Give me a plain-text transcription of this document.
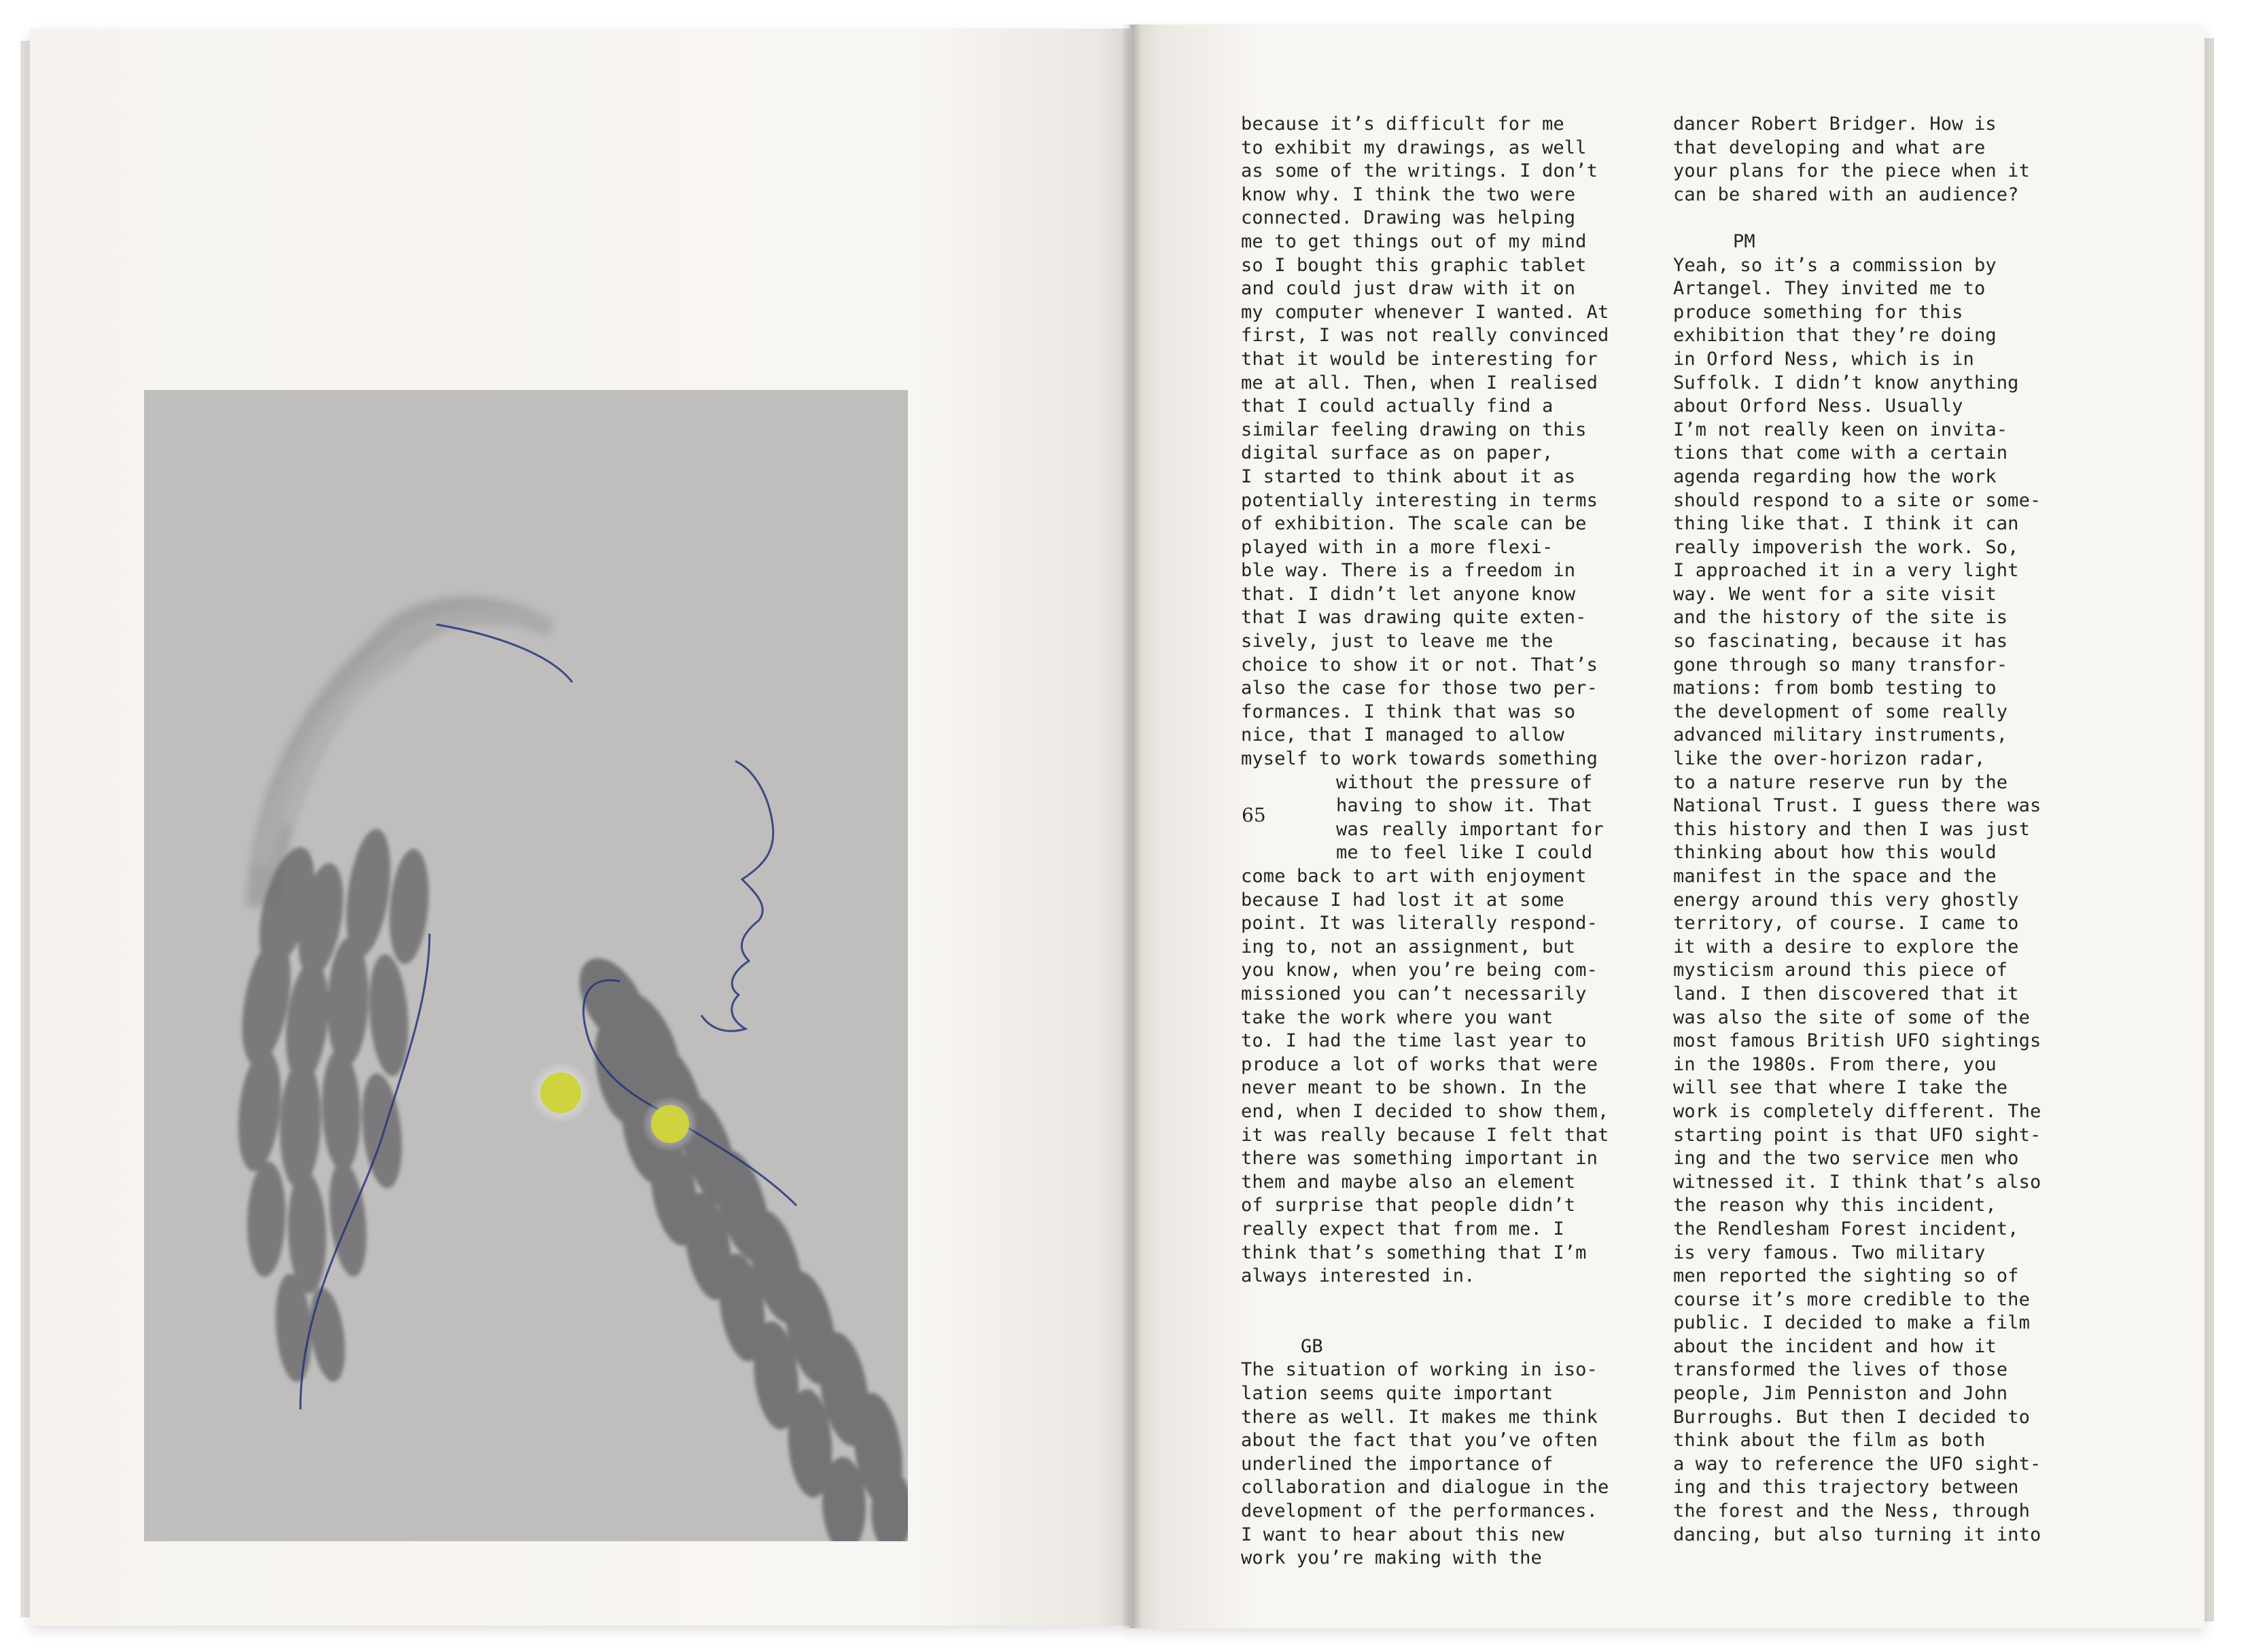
because it’s difficult for me
to exhibit my drawings, as well
as some of the writings. I don’t
know why. I think the two were
connected. Drawing was helping
me to get things out of my mind
so I bought this graphic tablet
and could just draw with it on
my computer whenever I wanted. At
first, I was not really convinced
that it would be interesting for
me at all. Then, when I realised
that I could actually find a
similar feeling drawing on this
digital surface as on paper,
I started to think about it as
potentially interesting in terms
of exhibition. The scale can be
played with in a more flexi-
ble way. There is a freedom in
that. I didn’t let anyone know
that I was drawing quite exten-
sively, just to leave me the
choice to show it or not. That’s
also the case for those two per-
formances. I think that was so
nice, that I managed to allow
myself to work towards something
without the pressure of
having to show it. That
was really important for
me to feel like I could
come back to art with enjoyment
because I had lost it at some
point. It was literally respond-
ing to, not an assignment, but
you know, when you’re being com-
missioned you can’t necessarily
take the work where you want
to. I had the time last year to
produce a lot of works that were
never meant to be shown. In the
end, when I decided to show them,
it was really because I felt that
there was something important in
them and maybe also an element
of surprise that people didn’t
really expect that from me. I
think that’s something that I’m
always interested in.
GB
The situation of working in iso-
lation seems quite important
there as well. It makes me think
about the fact that you’ve often
underlined the importance of
collaboration and dialogue in the
development of the performances.
I want to hear about this new
work you’re making with the
dancer Robert Bridger. How is
that developing and what are
your plans for the piece when it
can be shared with an audience?
PM
Yeah, so it’s a commission by
Artangel. They invited me to
produce something for this
exhibition that they’re doing
in Orford Ness, which is in
Suffolk. I didn’t know anything
about Orford Ness. Usually
I’m not really keen on invita-
tions that come with a certain
agenda regarding how the work
should respond to a site or some-
thing like that. I think it can
really impoverish the work. So,
I approached it in a very light
way. We went for a site visit
and the history of the site is
so fascinating, because it has
gone through so many transfor-
mations: from bomb testing to
the development of some really
advanced military instruments,
like the over-horizon radar,
to a nature reserve run by the
National Trust. I guess there was
this history and then I was just
thinking about how this would
manifest in the space and the
energy around this very ghostly
territory, of course. I came to
it with a desire to explore the
mysticism around this piece of
land. I then discovered that it
was also the site of some of the
most famous British UFO sightings
in the 1980s. From there, you
will see that where I take the
work is completely different. The
starting point is that UFO sight-
ing and the two service men who
witnessed it. I think that’s also
the reason why this incident,
the Rendlesham Forest incident,
is very famous. Two military
men reported the sighting so of
course it’s more credible to the
public. I decided to make a film
about the incident and how it
transformed the lives of those
people, Jim Penniston and John
Burroughs. But then I decided to
think about the film as both
a way to reference the UFO sight-
ing and this trajectory between
the forest and the Ness, through
dancing, but also turning it into
65
